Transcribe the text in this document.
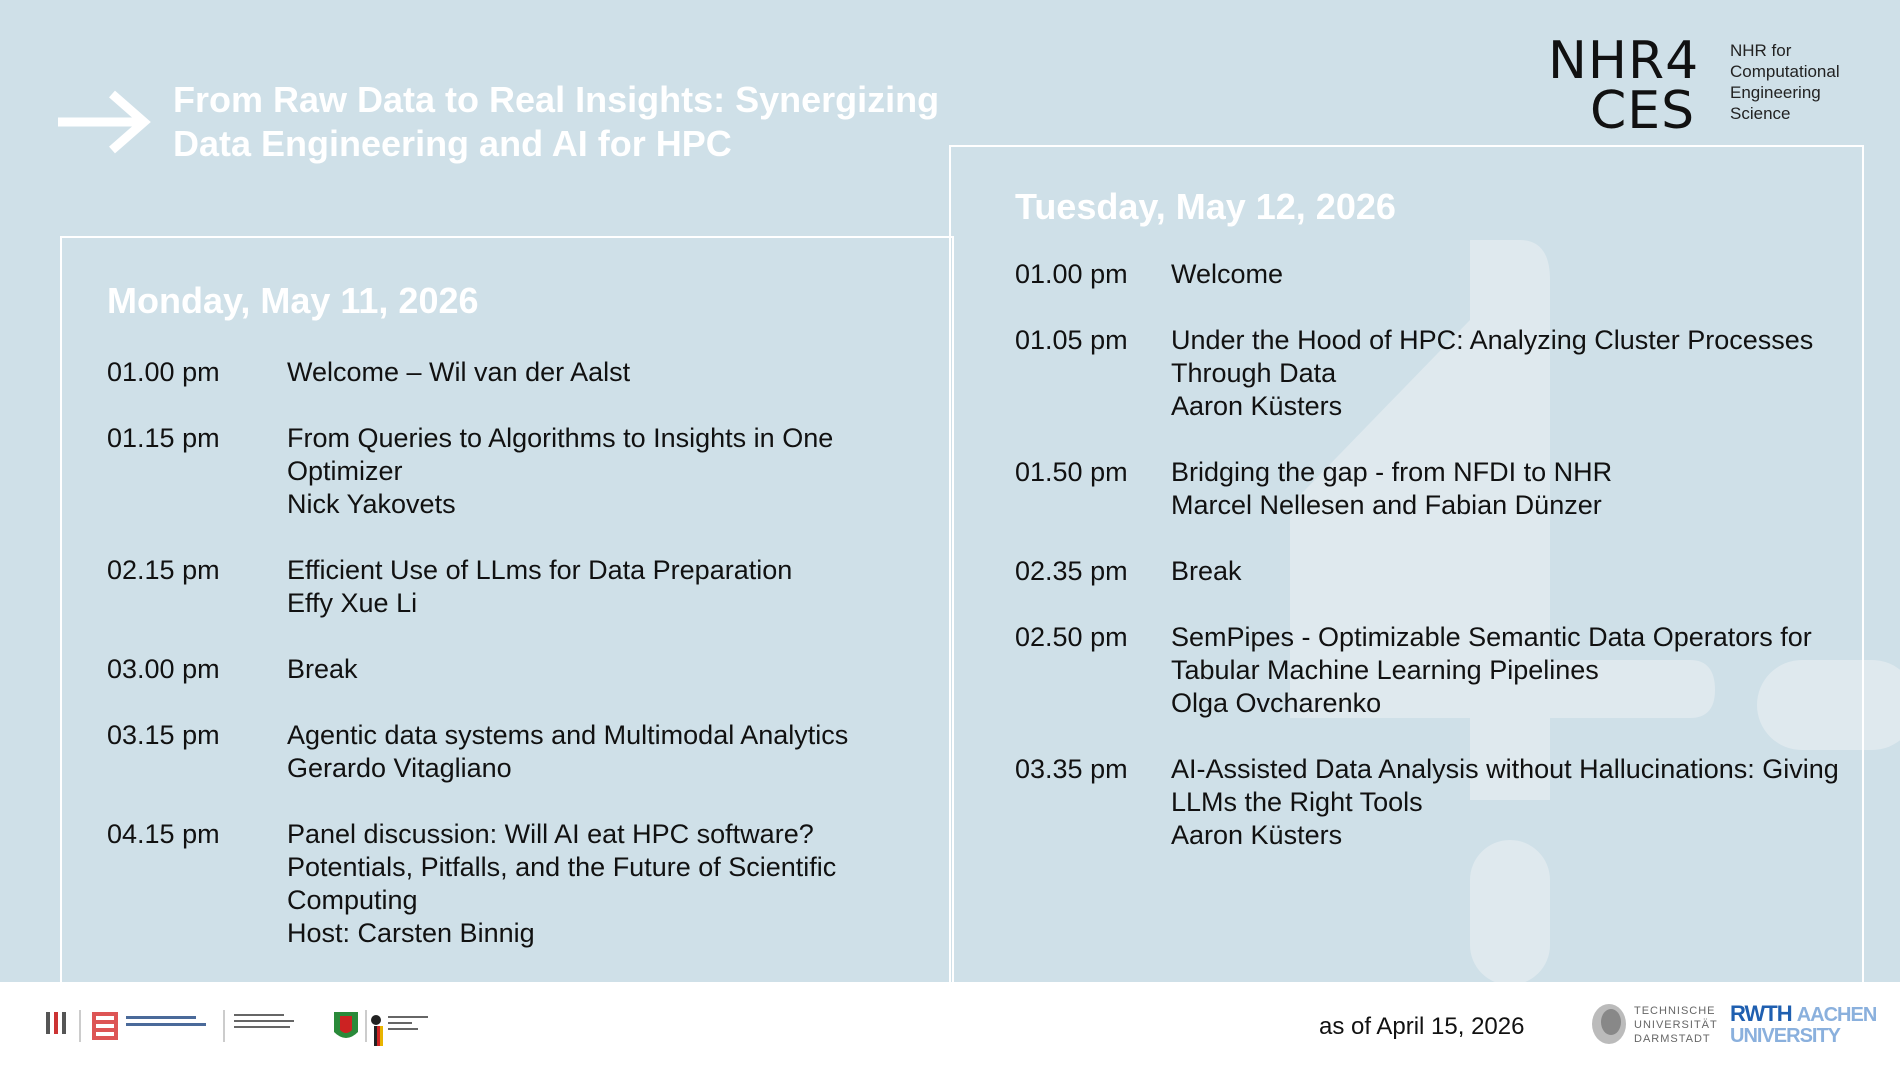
From Raw Data to Real Insights: Synergizing Data Engineering and AI for HPC
NHR4
CES
NHR for
Computational
Engineering
Science
Monday, May 11, 2026
01.00 pm	Welcome – Wil van der Aalst
01.15 pm	From Queries to Algorithms to Insights in One Optimizer
Nick Yakovets
02.15 pm	Efficient Use of LLms for Data Preparation
Effy Xue Li
03.00 pm	Break
03.15 pm	Agentic data systems and Multimodal Analytics
Gerardo Vitagliano
04.15 pm	Panel discussion: Will AI eat HPC software? Potentials, Pitfalls, and the Future of Scientific Computing
Host: Carsten Binnig
Tuesday, May 12, 2026
01.00 pm	Welcome
01.05 pm	Under the Hood of HPC: Analyzing Cluster Processes Through Data
Aaron Küsters
01.50 pm	Bridging the gap - from NFDI to NHR
Marcel Nellesen and Fabian Dünzer
02.35 pm	Break
02.50 pm	SemPipes - Optimizable Semantic Data Operators for Tabular Machine Learning Pipelines
Olga Ovcharenko
03.35 pm	AI-Assisted Data Analysis without Hallucinations: Giving LLMs the Right Tools
Aaron Küsters
as of April 15, 2026
TECHNISCHE
UNIVERSITÄT
DARMSTADT
RWTH AACHEN UNIVERSITY
